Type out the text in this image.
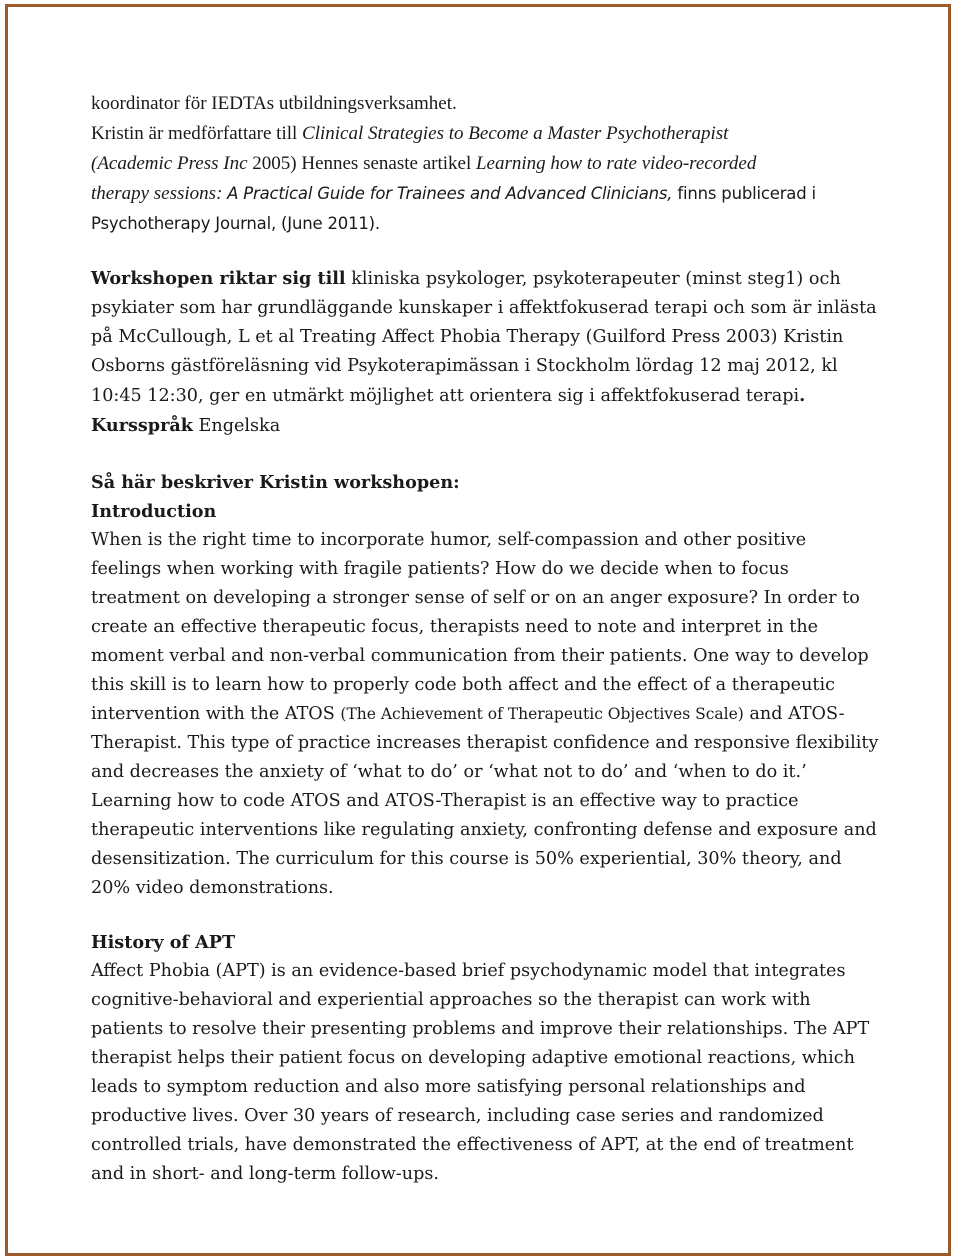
koordinator för IEDTAs utbildningsverksamhet.
Kristin är medförfattare till Clinical Strategies to Become a Master Psychotherapist
(Academic Press Inc 2005) Hennes senaste artikel Learning how to rate video-recorded
therapy sessions: A Practical Guide for Trainees and Advanced Clinicians, finns publicerad i
Psychotherapy Journal, (June 2011).

Workshopen riktar sig till kliniska psykologer, psykoterapeuter (minst steg1) och psykiater som har grundläggande kunskaper i affektfokuserad terapi och som är inlästa på McCullough, L et al Treating Affect Phobia Therapy (Guilford Press 2003) Kristin Osborns gästföreläsning vid Psykoterapimässan i Stockholm lördag 12 maj 2012, kl 10:45 12:30, ger en utmärkt möjlighet att orientera sig i affektfokuserad terapi. Kursspråk Engelska

Så här beskriver Kristin workshopen:

Introduction

When is the right time to incorporate humor, self-compassion and other positive feelings when working with fragile patients? How do we decide when to focus treatment on developing a stronger sense of self or on an anger exposure? In order to create an effective therapeutic focus, therapists need to note and interpret in the moment verbal and non-verbal communication from their patients. One way to develop this skill is to learn how to properly code both affect and the effect of a therapeutic intervention with the ATOS (The Achievement of Therapeutic Objectives Scale) and ATOS-Therapist. This type of practice increases therapist confidence and responsive flexibility and decreases the anxiety of ‘what to do’ or ‘what not to do’ and ‘when to do it.’ Learning how to code ATOS and ATOS-Therapist is an effective way to practice therapeutic interventions like regulating anxiety, confronting defense and exposure and desensitization. The curriculum for this course is 50% experiential, 30% theory, and 20% video demonstrations.

History of APT

Affect Phobia (APT) is an evidence-based brief psychodynamic model that integrates cognitive-behavioral and experiential approaches so the therapist can work with patients to resolve their presenting problems and improve their relationships. The APT therapist helps their patient focus on developing adaptive emotional reactions, which leads to symptom reduction and also more satisfying personal relationships and productive lives. Over 30 years of research, including case series and randomized controlled trials, have demonstrated the effectiveness of APT, at the end of treatment and in short- and long-term follow-ups.
